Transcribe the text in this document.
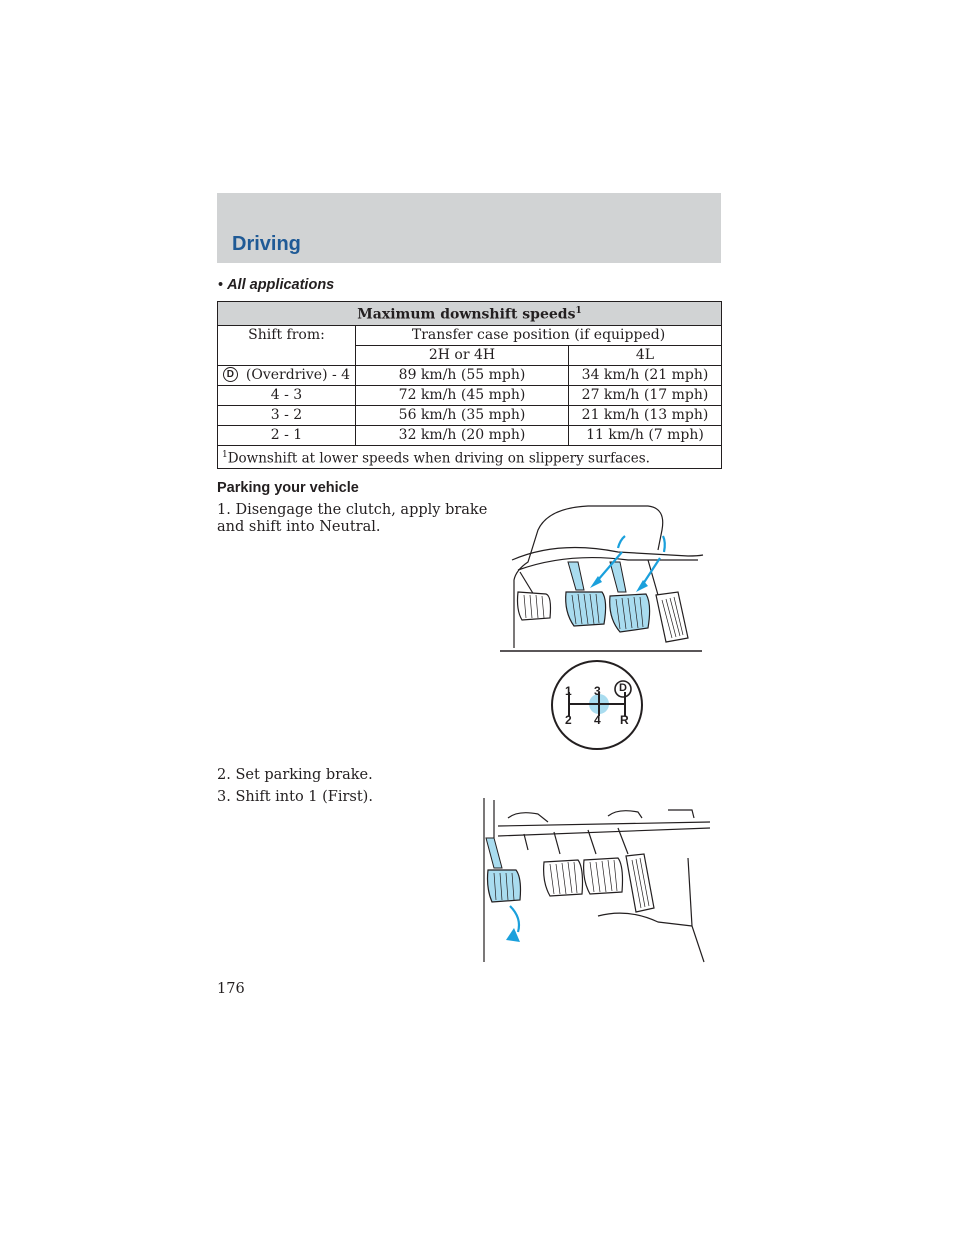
Driving
• All applications
Maximum downshift speeds$^1$
Shift from:	Transfer case position (if equipped)	
	2H or 4H	4L
D (Overdrive) - 4	89 km/h (55 mph)	34 km/h (21 mph)
4 - 3	72 km/h (45 mph)	27 km/h (17 mph)
3 - 2	56 km/h (35 mph)	21 km/h (13 mph)
2 - 1	32 km/h (20 mph)	11 km/h (7 mph)
$^1$Downshift at lower speeds when driving on slippery surfaces.		
Parking your vehicle
1. Disengage the clutch, apply brake
and shift into Neutral.
1 3 D
2 4 R
2. Set parking brake.
3. Shift into 1 (First).
176
